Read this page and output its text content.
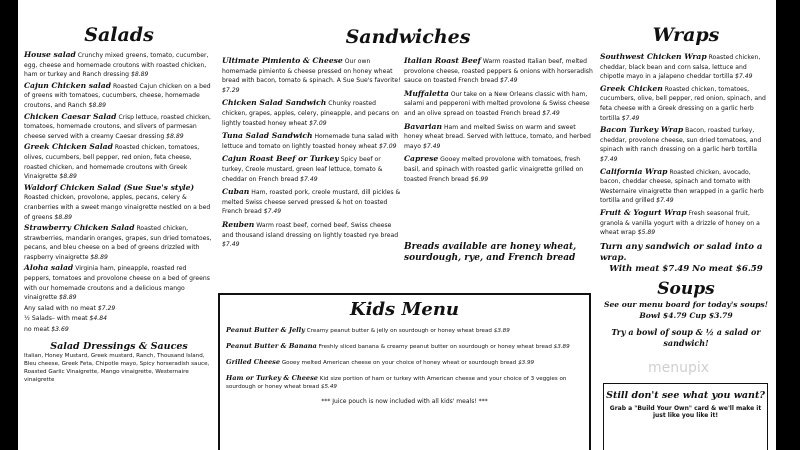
Salads

House salad Crunchy mixed greens, tomato, cucumber, egg, cheese and homemade croutons with roasted chicken, ham or turkey and Ranch dressing $8.89

Cajun Chicken salad Roasted Cajun chicken on a bed of greens with tomatoes, cucumbers, cheese, homemade croutons, and Ranch $8.89

Chicken Caesar Salad Crisp lettuce, roasted chicken, tomatoes, homemade croutons, and slivers of parmesan cheese served with a creamy Caesar dressing $8.89

Greek Chicken Salad Roasted chicken, tomatoes, olives, cucumbers, bell pepper, red onion, feta cheese, roasted chicken, and homemade croutons with Greek Vinaigrette $8.89

Waldorf Chicken Salad (Sue Sue's style) Roasted chicken, provolone, apples, pecans, celery & cranberries with a sweet mango vinaigrette nestled on a bed of greens $8.89

Strawberry Chicken Salad Roasted chicken, strawberries, mandarin oranges, grapes, sun dried tomatoes, pecans, and bleu cheese on a bed of greens drizzled with raspberry vinaigrette $8.89

Aloha salad Virginia ham, pineapple, roasted red peppers, tomatoes and provolone cheese on a bed of greens with our homemade croutons and a delicious mango vinaigrette $8.89

Any salad with no meat $7.29

½ Salads– with meat $4.84

no meat $3.69

Salad Dressings & Sauces

Italian, Honey Mustard, Greek mustard, Ranch, Thousand Island, Bleu cheese, Greek Feta, Chipotle mayo, Spicy horseradish sauce, Roasted Garlic Vinaigrette, Mango vinaigrette, Westernaire vinaigrette

Sandwiches

Ultimate Pimiento & Cheese Our own homemade pimiento & cheese pressed on honey wheat bread with bacon, tomato & spinach. A Sue Sue's favorite! $7.29

Chicken Salad Sandwich Chunky roasted chicken, grapes, apples, celery, pineapple, and pecans on lightly toasted honey wheat $7.09

Tuna Salad Sandwich Homemade tuna salad with lettuce and tomato on lightly toasted honey wheat $7.09

Cajun Roast Beef or Turkey Spicy beef or turkey, Creole mustard, green leaf lettuce, tomato & cheddar on French bread $7.49

Cuban Ham, roasted pork, creole mustard, dill pickles & melted Swiss cheese served pressed & hot on toasted French bread $7.49

Reuben Warm roast beef, corned beef, Swiss cheese and thousand island dressing on lightly toasted rye bread $7.49

Italian Roast Beef Warm roasted Italian beef, melted provolone cheese, roasted peppers & onions with horseradish sauce on toasted French bread $7.49

Muffaletta Our take on a New Orleans classic with ham, salami and pepperoni with melted provolone & Swiss cheese and an olive spread on toasted French bread $7.49

Bavarian Ham and melted Swiss on warm and sweet honey wheat bread. Served with lettuce, tomato, and herbed mayo $7.49

Caprese Gooey melted provolone with tomatoes, fresh basil, and spinach with roasted garlic vinaigrette grilled on toasted French bread $6.99

Breads available are honey wheat, sourdough, rye, and French bread

Wraps

Southwest Chicken Wrap Roasted chicken, cheddar, black bean and corn salsa, lettuce and chipotle mayo in a jalapeno cheddar tortilla $7.49

Greek Chicken Roasted chicken, tomatoes, cucumbers, olive, bell pepper, red onion, spinach, and feta cheese with a Greek dressing on a garlic herb tortilla $7.49

Bacon Turkey Wrap Bacon, roasted turkey, cheddar, provolone cheese, sun dried tomatoes, and spinach with ranch dressing on a garlic herb tortilla $7.49

California Wrap Roasted chicken, avocado, bacon, cheddar cheese, spinach and tomato with Westernaire vinaigrette then wrapped in a garlic herb tortilla and grilled $7.49

Fruit & Yogurt Wrap Fresh seasonal fruit, granola & vanilla yogurt with a drizzle of honey on a wheat wrap $5.89

Turn any sandwich or salad into a wrap.

With meat $7.49 No meat $6.59

Soups

See our menu board for today's soups!

Bowl $4.79 Cup $3.79

Try a bowl of soup & ½ a salad or sandwich!

Kids Menu

Peanut Butter & Jelly Creamy peanut butter & jelly on sourdough or honey wheat bread $3.89

Peanut Butter & Banana Freshly sliced banana & creamy peanut butter on sourdough or honey wheat bread $3.89

Grilled Cheese Gooey melted American cheese on your choice of honey wheat or sourdough bread $3.99

Ham or Turkey & Cheese Kid size portion of ham or turkey with American cheese and your choice of 3 veggies on sourdough or honey wheat bread $5.49

*** Juice pouch is now included with all kids' meals! ***

menupix

Still don't see what you want?

Grab a "Build Your Own" card & we'll make it just like you like it!
